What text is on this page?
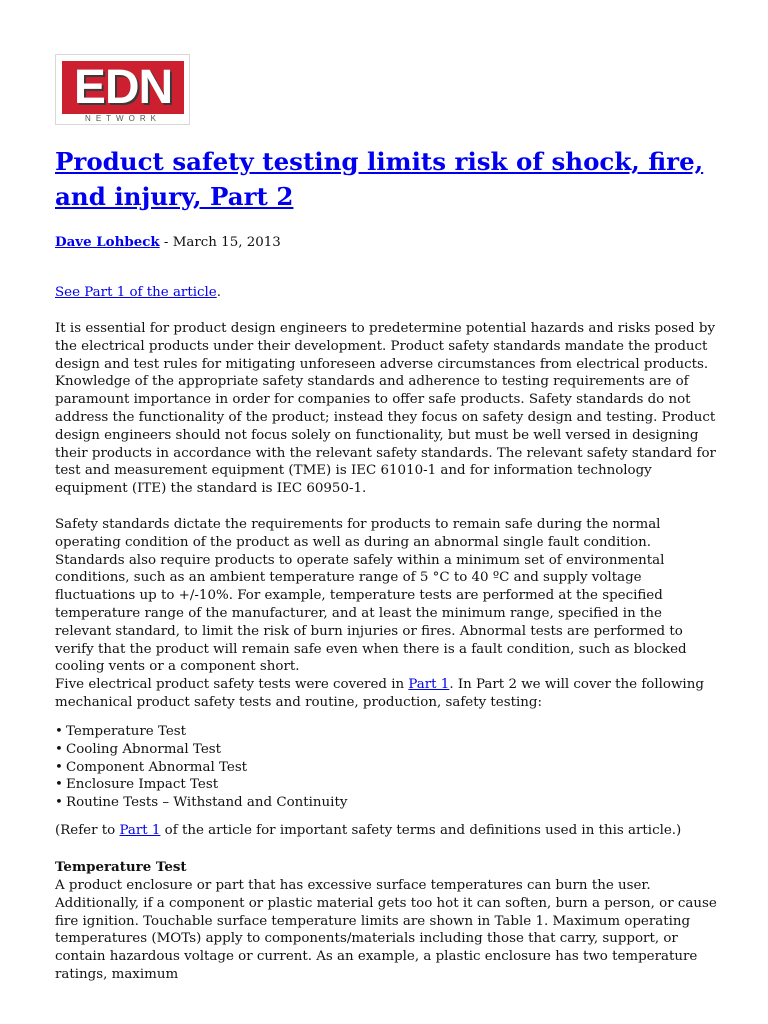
EDN
NETWORK
Product safety testing limits risk of shock, fire, and injury, Part 2

Dave Lohbeck - March 15, 2013

See Part 1 of the article.

It is essential for product design engineers to predetermine potential hazards and risks posed by the electrical products under their development. Product safety standards mandate the product design and test rules for mitigating unforeseen adverse circumstances from electrical products. Knowledge of the appropriate safety standards and adherence to testing requirements are of paramount importance in order for companies to offer safe products. Safety standards do not address the functionality of the product; instead they focus on safety design and testing. Product design engineers should not focus solely on functionality, but must be well versed in designing their products in accordance with the relevant safety standards. The relevant safety standard for test and measurement equipment (TME) is IEC 61010-1 and for information technology equipment (ITE) the standard is IEC 60950-1.

Safety standards dictate the requirements for products to remain safe during the normal operating condition of the product as well as during an abnormal single fault condition. Standards also require products to operate safely within a minimum set of environmental conditions, such as an ambient temperature range of 5 °C to 40 ºC and supply voltage fluctuations up to +/-10%. For example, temperature tests are performed at the specified temperature range of the manufacturer, and at least the minimum range, specified in the relevant standard, to limit the risk of burn injuries or fires. Abnormal tests are performed to verify that the product will remain safe even when there is a fault condition, such as blocked cooling vents or a component short.

Five electrical product safety tests were covered in Part 1. In Part 2 we will cover the following mechanical product safety tests and routine, production, safety testing:

• Temperature Test
• Cooling Abnormal Test
• Component Abnormal Test
• Enclosure Impact Test
• Routine Tests – Withstand and Continuity

(Refer to Part 1 of the article for important safety terms and definitions used in this article.)

Temperature Test

A product enclosure or part that has excessive surface temperatures can burn the user. Additionally, if a component or plastic material gets too hot it can soften, burn a person, or cause fire ignition. Touchable surface temperature limits are shown in Table 1. Maximum operating temperatures (MOTs) apply to components/materials including those that carry, support, or contain hazardous voltage or current. As an example, a plastic enclosure has two temperature ratings, maximum
